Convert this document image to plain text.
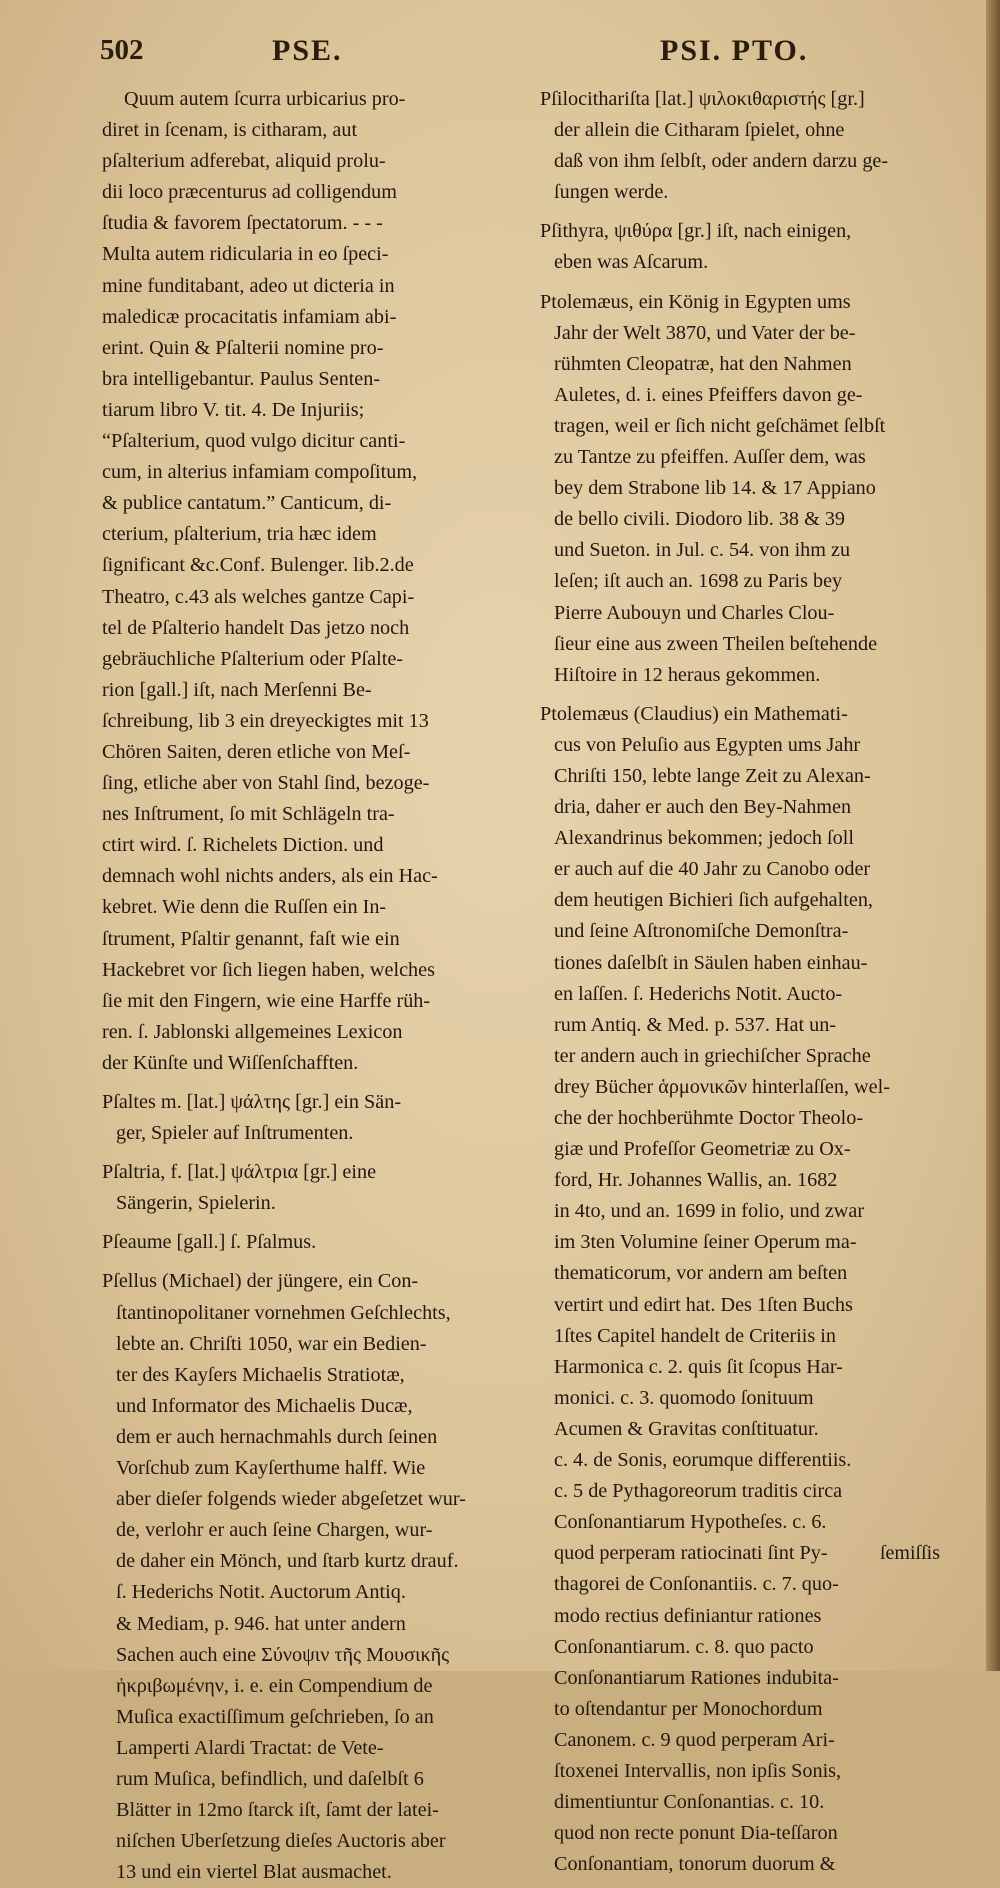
502	PSE.	PSI. PTO.
Quum autem ſcurra urbicarius pro-
diret in ſcenam, is citharam, aut
pſalterium adferebat, aliquid prolu-
dii loco præcenturus ad colligendum
ſtudia & favorem ſpectatorum. - - -
Multa autem ridicularia in eo ſpeci-
mine funditabant, adeo ut dicteria in
maledicæ procacitatis infamiam abi-
erint. Quin & Pſalterii nomine pro-
bra intelligebantur. Paulus Senten-
tiarum libro V. tit. 4. De Injuriis;
“Pſalterium, quod vulgo dicitur canti-
cum, in alterius infamiam compoſitum,
& publice cantatum.” Canticum, di-
cterium, pſalterium, tria hæc idem
ſignificant &c.Conf. Bulenger. lib.2.de
Theatro, c.43 als welches gantze Capi-
tel de Pſalterio handelt Das jetzo noch
gebräuchliche Pſalterium oder Pſalte-
rion [gall.] iſt, nach Merſenni Be-
ſchreibung, lib 3 ein dreyeckigtes mit 13
Chören Saiten, deren etliche von Meſ-
ſing, etliche aber von Stahl ſind, bezoge-
nes Inſtrument, ſo mit Schlägeln tra-
ctirt wird. ſ. Richelets Diction. und
demnach wohl nichts anders, als ein Hac-
kebret. Wie denn die Ruſſen ein In-
ſtrument, Pſaltir genannt, faſt wie ein
Hackebret vor ſich liegen haben, welches
ſie mit den Fingern, wie eine Harffe rüh-
ren. ſ. Jablonski allgemeines Lexicon
der Künſte und Wiſſenſchafften.
Pſaltes m. [lat.] ψάλτης [gr.] ein Sän-
ger, Spieler auf Inſtrumenten.
Pſaltria, f. [lat.] ψάλτρια [gr.] eine
Sängerin, Spielerin.
Pſeaume [gall.] ſ. Pſalmus.
Pſellus (Michael) der jüngere, ein Con-
ſtantinopolitaner vornehmen Geſchlechts,
lebte an. Chriſti 1050, war ein Bedien-
ter des Kayſers Michaelis Stratiotæ,
und Informator des Michaelis Ducæ,
dem er auch hernachmahls durch ſeinen
Vorſchub zum Kayſerthume halff. Wie
aber dieſer folgends wieder abgeſetzet wur-
de, verlohr er auch ſeine Chargen, wur-
de daher ein Mönch, und ſtarb kurtz drauf.
ſ. Hederichs Notit. Auctorum Antiq.
& Mediam, p. 946. hat unter andern
Sachen auch eine Σύνοψιν τῆς Μουσικῆς
ἠκριβωμένην, i. e. ein Compendium de
Muſica exactiſſimum geſchrieben, ſo an
Lamperti Alardi Tractat: de Vete-
rum Muſica, befindlich, und daſelbſt 6
Blätter in 12mo ſtarck iſt, ſamt der latei-
niſchen Uberſetzung dieſes Auctoris aber
13 und ein viertel Blat ausmachet.
Pſilocithariſta [lat.] ψιλοκιθαριστής [gr.]
der allein die Citharam ſpielet, ohne
daß von ihm ſelbſt, oder andern darzu ge-
ſungen werde.
Pſithyra, ψιθύρα [gr.] iſt, nach einigen,
eben was Aſcarum.
Ptolemæus, ein König in Egypten ums
Jahr der Welt 3870, und Vater der be-
rühmten Cleopatræ, hat den Nahmen
Auletes, d. i. eines Pfeiffers davon ge-
tragen, weil er ſich nicht geſchämet ſelbſt
zu Tantze zu pfeiffen. Auſſer dem, was
bey dem Strabone lib 14. & 17 Appiano
de bello civili. Diodoro lib. 38 & 39
und Sueton. in Jul. c. 54. von ihm zu
leſen; iſt auch an. 1698 zu Paris bey
Pierre Aubouyn und Charles Clou-
ſieur eine aus zween Theilen beſtehende
Hiſtoire in 12 heraus gekommen.
Ptolemæus (Claudius) ein Mathemati-
cus von Peluſio aus Egypten ums Jahr
Chriſti 150, lebte lange Zeit zu Alexan-
dria, daher er auch den Bey-Nahmen
Alexandrinus bekommen; jedoch ſoll
er auch auf die 40 Jahr zu Canobo oder
dem heutigen Bichieri ſich aufgehalten,
und ſeine Aſtronomiſche Demonſtra-
tiones daſelbſt in Säulen haben einhau-
en laſſen. ſ. Hederichs Notit. Aucto-
rum Antiq. & Med. p. 537. Hat un-
ter andern auch in griechiſcher Sprache
drey Bücher ἁρμονικῶν hinterlaſſen, wel-
che der hochberühmte Doctor Theolo-
giæ und Profeſſor Geometriæ zu Ox-
ford, Hr. Johannes Wallis, an. 1682
in 4to, und an. 1699 in folio, und zwar
im 3ten Volumine ſeiner Operum ma-
thematicorum, vor andern am beſten
vertirt und edirt hat. Des 1ſten Buchs
1ſtes Capitel handelt de Criteriis in
Harmonica c. 2. quis ſit ſcopus Har-
monici. c. 3. quomodo ſonituum
Acumen & Gravitas conſtituatur.
c. 4. de Sonis, eorumque differentiis.
c. 5 de Pythagoreorum traditis circa
Conſonantiarum Hypotheſes. c. 6.
quod perperam ratiocinati ſint Py-
thagorei de Conſonantiis. c. 7. quo-
modo rectius definiantur rationes
Conſonantiarum. c. 8. quo pacto
Conſonantiarum Rationes indubita-
to oſtendantur per Monochordum
Canonem. c. 9 quod perperam Ari-
ſtoxenei Intervallis, non ipſis Sonis,
dimentiuntur Conſonantias. c. 10.
quod non recte ponunt Dia-teſſaron
Conſonantiam, tonorum duorum &
ſemiſſis
